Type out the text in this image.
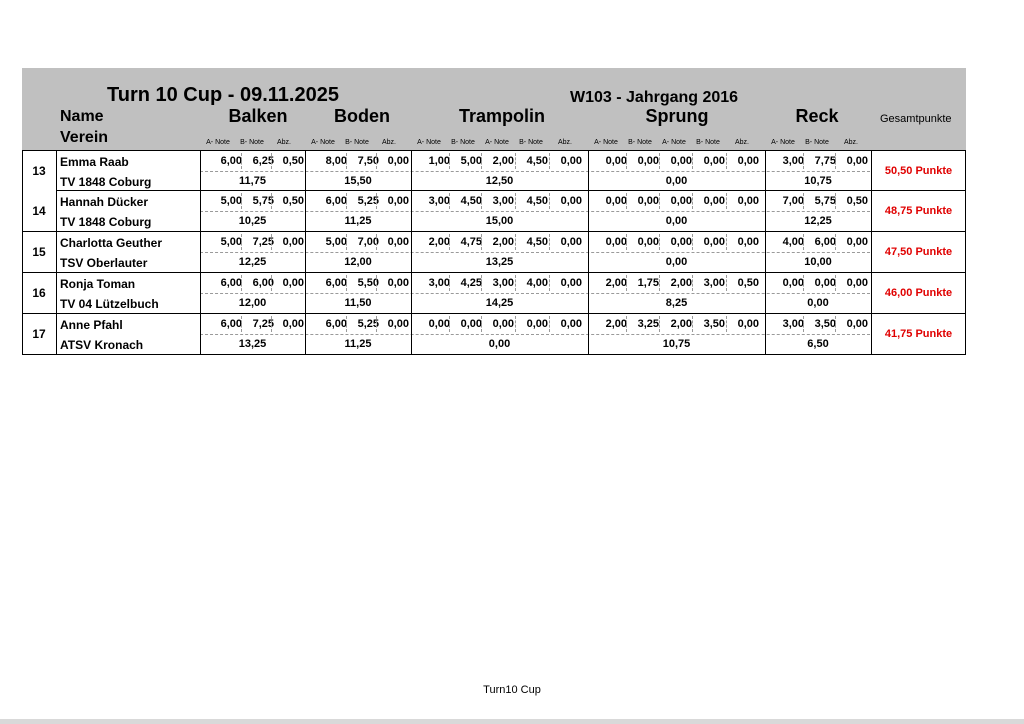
Turn 10 Cup - 09.11.2025	W103 - Jahrgang 2016
Name
Verein
Balken	Boden	Trampolin	Sprung	Reck	Gesamtpunkte
A- Note	B- Note	Abz.	A- Note	B- Note	Abz.	A- Note	B- Note	A- Note	B- Note	Abz.	A- Note	B- Note	A- Note	B- Note	Abz.	A- Note	B- Note	Abz.
13
Emma Raab
TV 1848 Coburg
6,00 6,25 0,50
11,75
8,00 7,50 0,00
15,50
1,00 5,00 2,00	4,50	0,00
12,50
0,00 0,00	0,00	0,00	0,00
0,00
3,00 7,75 0,00
10,75
50,50 Punkte
14
Hannah Dücker
TV 1848 Coburg
5,00 5,75 0,50
10,25
6,00 5,25 0,00
11,25
3,00 4,50 3,00	4,50	0,00
15,00
0,00 0,00	0,00	0,00	0,00
0,00
7,00 5,75 0,50
12,25
48,75 Punkte
15
Charlotta Geuther
TSV Oberlauter
5,00 7,25 0,00
12,25
5,00 7,00 0,00
12,00
2,00 4,75 2,00	4,50	0,00
13,25
0,00 0,00	0,00	0,00	0,00
0,00
4,00 6,00 0,00
10,00
47,50 Punkte
16
Ronja Toman
TV 04 Lützelbuch
6,00 6,00 0,00
12,00
6,00 5,50 0,00
11,50
3,00 4,25 3,00	4,00	0,00
14,25
2,00 1,75	2,00	3,00	0,50
8,25
0,00 0,00 0,00
0,00
46,00 Punkte
17
Anne Pfahl
ATSV Kronach
6,00 7,25 0,00
13,25
6,00 5,25 0,00
11,25
0,00 0,00 0,00	0,00	0,00
0,00
2,00 3,25	2,00	3,50	0,00
10,75
3,00 3,50 0,00
6,50
41,75 Punkte
Turn10 Cup
